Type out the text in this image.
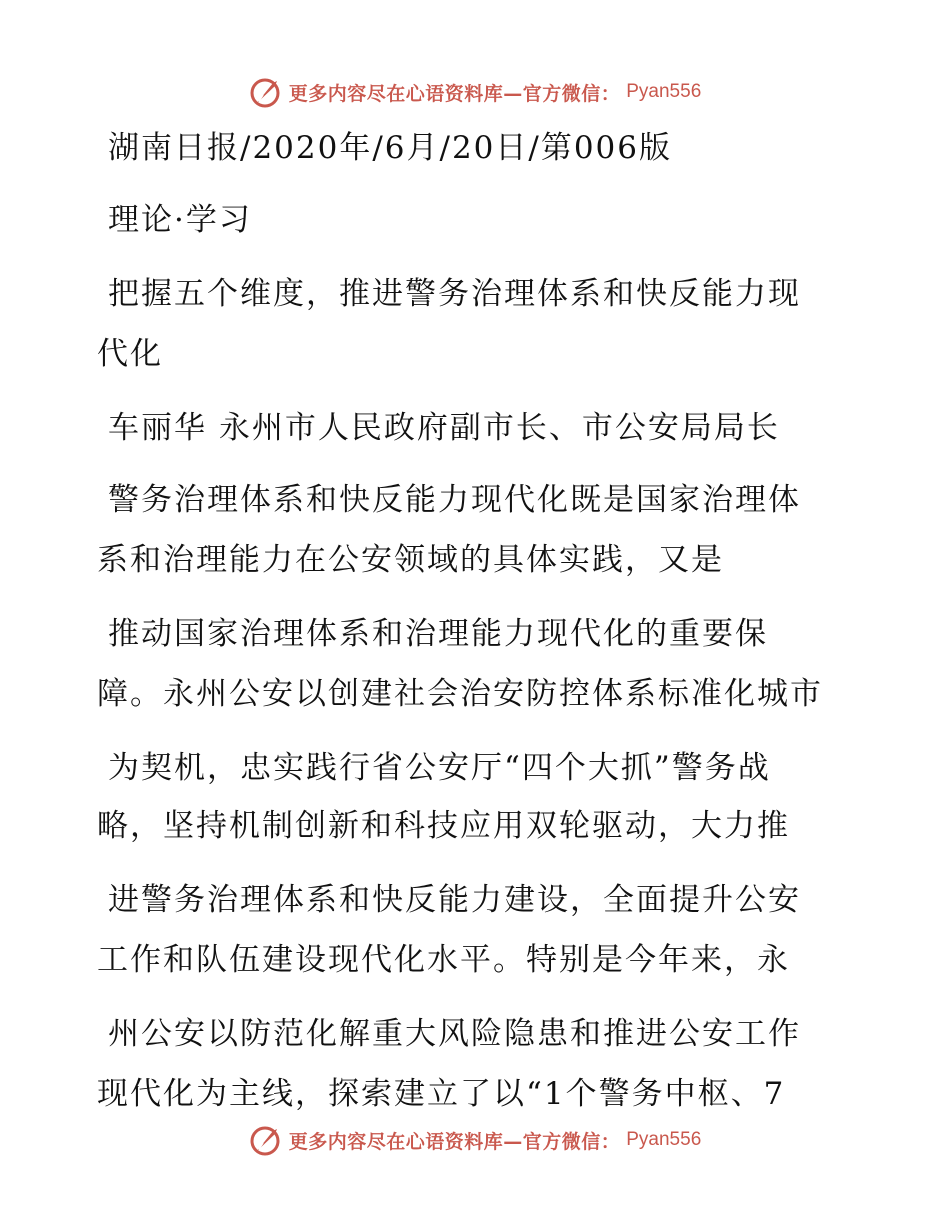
更多内容尽在心语资料库—官方微信： Pyan556
湖南日报/2020年/6月/20日/第006版
理论·学习
把握五个维度，推进警务治理体系和快反能力现
代化
车丽华 永州市人民政府副市长、市公安局局长
警务治理体系和快反能力现代化既是国家治理体
系和治理能力在公安领域的具体实践，又是
推动国家治理体系和治理能力现代化的重要保
障。永州公安以创建社会治安防控体系标准化城市
为契机，忠实践行省公安厅“四个大抓”警务战
略，坚持机制创新和科技应用双轮驱动，大力推
进警务治理体系和快反能力建设，全面提升公安
工作和队伍建设现代化水平。特别是今年来，永
州公安以防范化解重大风险隐患和推进公安工作
现代化为主线，探索建立了以“1个警务中枢、7
更多内容尽在心语资料库—官方微信： Pyan556
